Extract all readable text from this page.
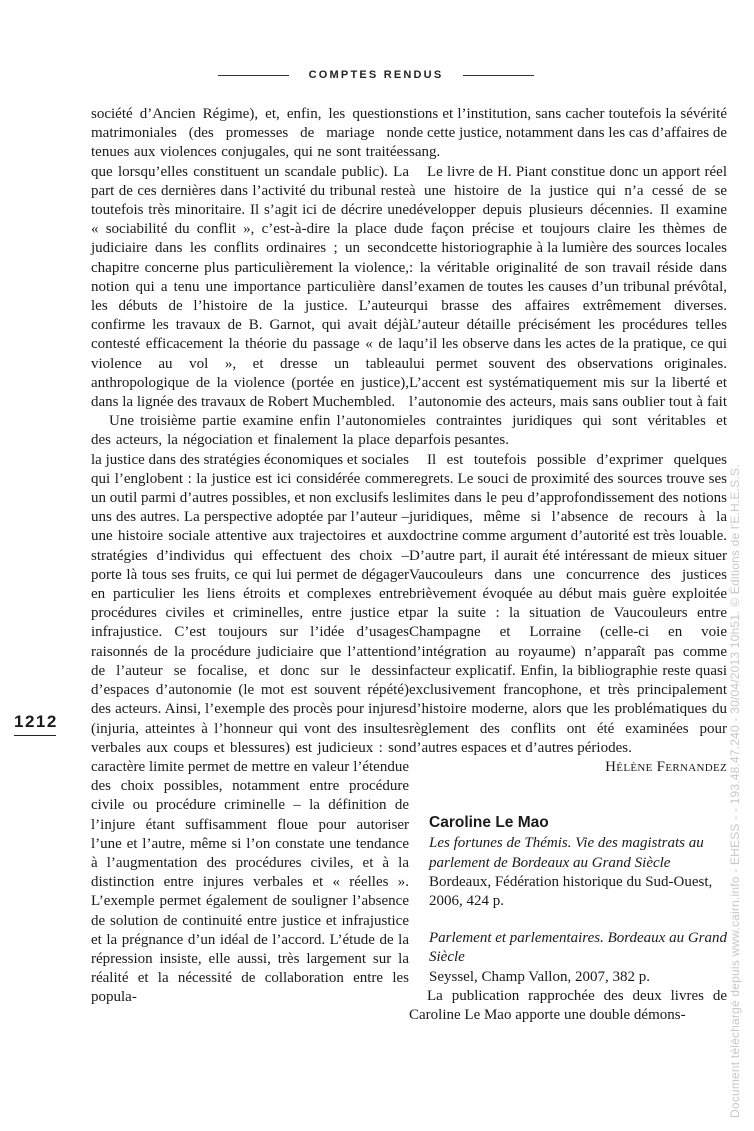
COMPTES RENDUS

société d’Ancien Régime), et, enfin, les questions matrimoniales (des promesses de mariage non tenues aux violences conjugales, qui ne sont traitées que lorsqu’elles constituent un scandale public). La part de ces dernières dans l’activité du tribunal reste toutefois très minoritaire. Il s’agit ici de décrire une « sociabilité du conflit », c’est-à-dire la place du judiciaire dans les conflits ordinaires ; un second chapitre concerne plus particulièrement la violence, notion qui a tenu une importance particulière dans les débuts de l’histoire de la justice. L’auteur confirme les travaux de B. Garnot, qui avait déjà contesté efficacement la théorie du passage « de la violence au vol », et dresse un tableau anthropologique de la violence (portée en justice), dans la lignée des travaux de Robert Muchembled.

Une troisième partie examine enfin l’autonomie des acteurs, la négociation et finalement la place de la justice dans des stratégies économiques et sociales qui l’englobent : la justice est ici considérée comme un outil parmi d’autres possibles, et non exclusifs les uns des autres. La perspective adoptée par l’auteur – une histoire sociale attentive aux trajectoires et aux stratégies d’individus qui effectuent des choix – porte là tous ses fruits, ce qui lui permet de dégager en particulier les liens étroits et complexes entre procédures civiles et criminelles, entre justice et infrajustice. C’est toujours sur l’idée d’usages raisonnés de la procédure judiciaire que l’attention de l’auteur se focalise, et donc sur le dessin d’espaces d’autonomie (le mot est souvent répété) des acteurs. Ainsi, l’exemple des procès pour injures (injuria, atteintes à l’honneur qui vont des insultes verbales aux coups et blessures) est judicieux : son caractère limite permet de mettre en valeur l’étendue des choix possibles, notamment entre procédure civile ou procédure criminelle – la définition de l’injure étant suffisamment floue pour autoriser l’une et l’autre, même si l’on constate une tendance à l’augmentation des procédures civiles, et à la distinction entre injures verbales et « réelles ». L’exemple permet également de souligner l’absence de solution de continuité entre justice et infrajustice et la prégnance d’un idéal de l’accord. L’étude de la répression insiste, elle aussi, très largement sur la réalité et la nécessité de collaboration entre les popula-

tions et l’institution, sans cacher toutefois la sévérité de cette justice, notamment dans les cas d’affaires de sang.

Le livre de H. Piant constitue donc un apport réel à une histoire de la justice qui n’a cessé de se développer depuis plusieurs décennies. Il examine de façon précise et toujours claire les thèmes de cette historiographie à la lumière des sources locales : la véritable originalité de son travail réside dans l’examen de toutes les causes d’un tribunal prévôtal, qui brasse des affaires extrêmement diverses. L’auteur détaille précisément les procédures telles qu’il les observe dans les actes de la pratique, ce qui lui permet souvent des observations originales. L’accent est systématiquement mis sur la liberté et l’autonomie des acteurs, mais sans oublier tout à fait les contraintes juridiques qui sont véritables et parfois pesantes.

Il est toutefois possible d’exprimer quelques regrets. Le souci de proximité des sources trouve ses limites dans le peu d’approfondissement des notions juridiques, même si l’absence de recours à la doctrine comme argument d’autorité est très louable. D’autre part, il aurait été intéressant de mieux situer Vaucouleurs dans une concurrence des justices brièvement évoquée au début mais guère exploitée par la suite : la situation de Vaucouleurs entre Champagne et Lorraine (celle-ci en voie d’intégration au royaume) n’apparaît pas comme facteur explicatif. Enfin, la bibliographie reste quasi exclusivement francophone, et très principalement d’histoire moderne, alors que les problématiques du règlement des conflits ont été examinées pour d’autres espaces et d’autres périodes.

Hélène Fernandez

Caroline Le Mao
Les fortunes de Thémis. Vie des magistrats au parlement de Bordeaux au Grand Siècle
Bordeaux, Fédération historique du Sud-Ouest, 2006, 424 p.
Parlement et parlementaires. Bordeaux au Grand Siècle
Seyssel, Champ Vallon, 2007, 382 p.

La publication rapprochée des deux livres de Caroline Le Mao apporte une double démons-

1212	Document téléchargé depuis www.cairn.info - EHESS - - 193.48.47.240 - 30/04/2013 10h51. © Éditions de l'E.H.E.S.S.
